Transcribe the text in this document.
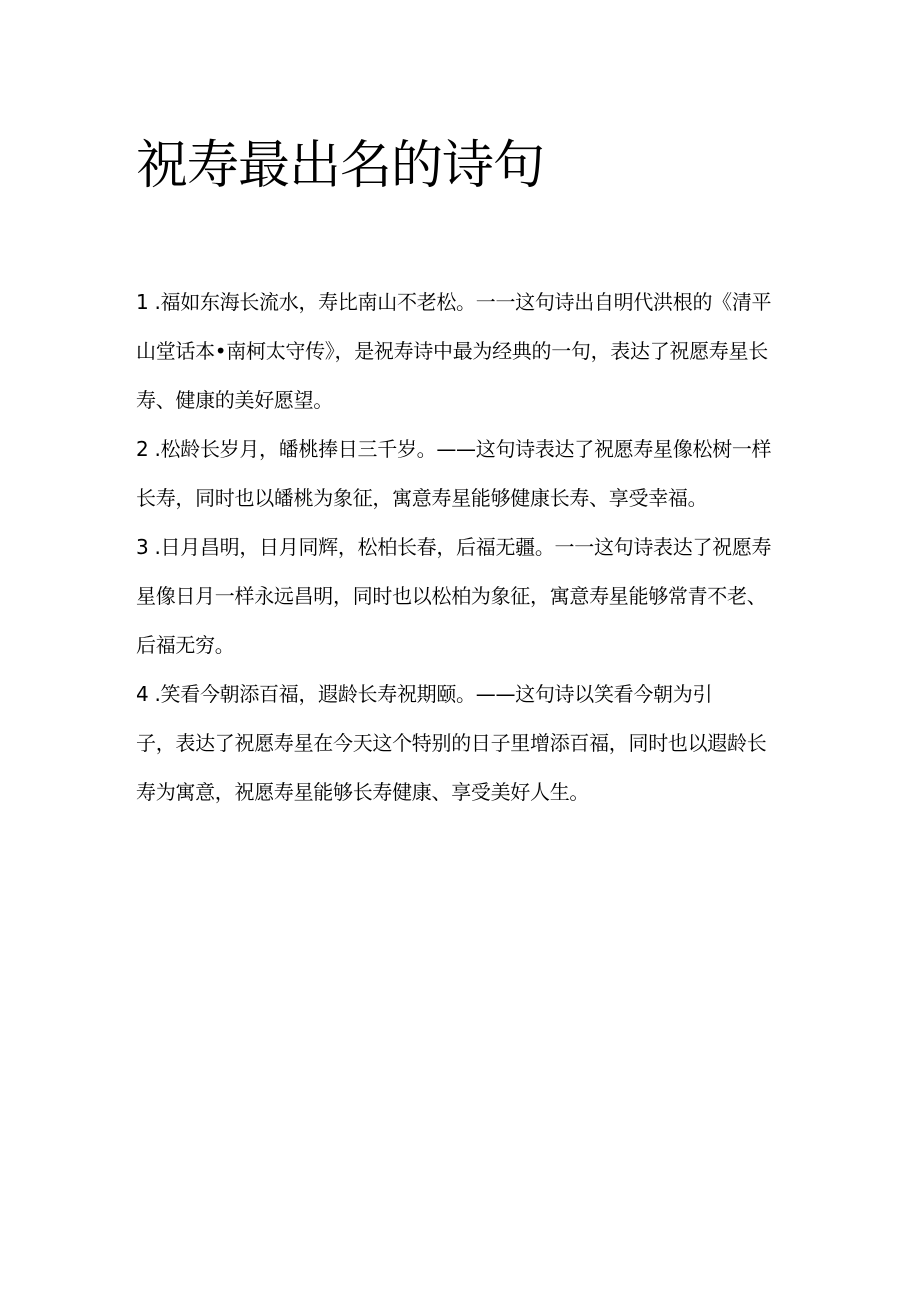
祝寿最出名的诗句
1 .福如东海长流水，寿比南山不老松。一一这句诗出自明代洪根的《清平
山堂话本•南柯太守传》，是祝寿诗中最为经典的一句，表达了祝愿寿星长
寿、健康的美好愿望。
2 .松龄长岁月，皤桃捧日三千岁。——这句诗表达了祝愿寿星像松树一样
长寿，同时也以皤桃为象征，寓意寿星能够健康长寿、享受幸福。
3 .日月昌明，日月同辉，松柏长春，后福无疆。一一这句诗表达了祝愿寿
星像日月一样永远昌明，同时也以松柏为象征，寓意寿星能够常青不老、
后福无穷。
4 .笑看今朝添百福，遐龄长寿祝期颐。——这句诗以笑看今朝为引
子，表达了祝愿寿星在今天这个特别的日子里增添百福，同时也以遐龄长
寿为寓意，祝愿寿星能够长寿健康、享受美好人生。
